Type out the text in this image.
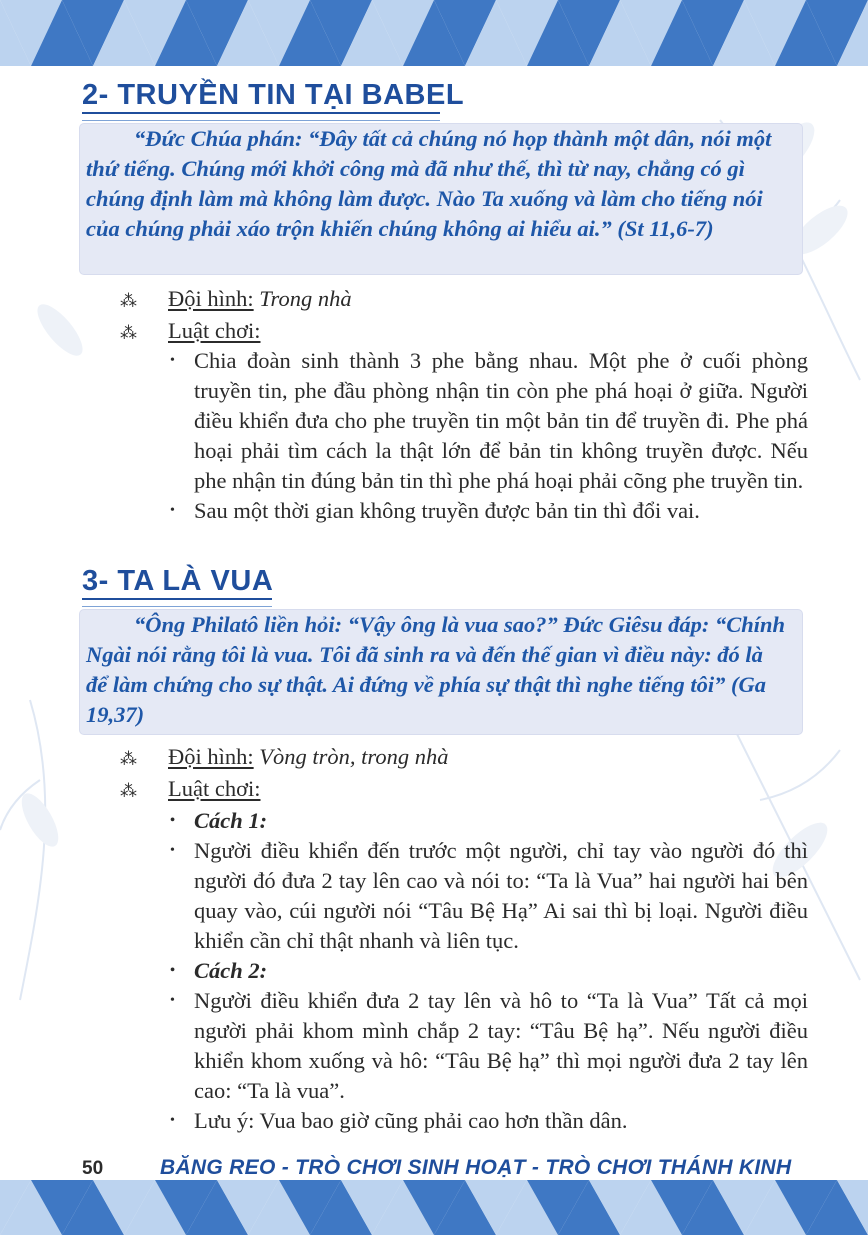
2- TRUYỀN TIN TẠI BABEL

“Đức Chúa phán: “Đây tất cả chúng nó họp thành một dân, nói một thứ tiếng. Chúng mới khởi công mà đã như thế, thì từ nay, chẳng có gì chúng định làm mà không làm được. Nào Ta xuống và làm cho tiếng nói của chúng phải xáo trộn khiến chúng không ai hiểu ai.” (St 11,6-7)

⁂ Đội hình: Trong nhà
⁂ Luật chơi:
• Chia đoàn sinh thành 3 phe bằng nhau. Một phe ở cuối phòng truyền tin, phe đầu phòng nhận tin còn phe phá hoại ở giữa. Người điều khiển đưa cho phe truyền tin một bản tin để truyền đi. Phe phá hoại phải tìm cách la thật lớn để bản tin không truyền được. Nếu phe nhận tin đúng bản tin thì phe phá hoại phải cõng phe truyền tin.
• Sau một thời gian không truyền được bản tin thì đổi vai.
3- TA LÀ VUA

“Ông Philatô liền hỏi: “Vậy ông là vua sao?” Đức Giêsu đáp: “Chính Ngài nói rằng tôi là vua. Tôi đã sinh ra và đến thế gian vì điều này: đó là để làm chứng cho sự thật. Ai đứng về phía sự thật thì nghe tiếng tôi” (Ga 19,37)

⁂ Đội hình: Vòng tròn, trong nhà
⁂ Luật chơi:
• Cách 1:
• Người điều khiển đến trước một người, chỉ tay vào người đó thì người đó đưa 2 tay lên cao và nói to: “Ta là Vua” hai người hai bên quay vào, cúi người nói “Tâu Bệ Hạ” Ai sai thì bị loại. Người điều khiển cần chỉ thật nhanh và liên tục.
• Cách 2:
• Người điều khiển đưa 2 tay lên và hô to “Ta là Vua” Tất cả mọi người phải khom mình chắp 2 tay: “Tâu Bệ hạ”. Nếu người điều khiển khom xuống và hô: “Tâu Bệ hạ” thì mọi người đưa 2 tay lên cao: “Ta là vua”.
• Lưu ý: Vua bao giờ cũng phải cao hơn thần dân.
50	BĂNG REO - TRÒ CHƠI SINH HOẠT - TRÒ CHƠI THÁNH KINH
